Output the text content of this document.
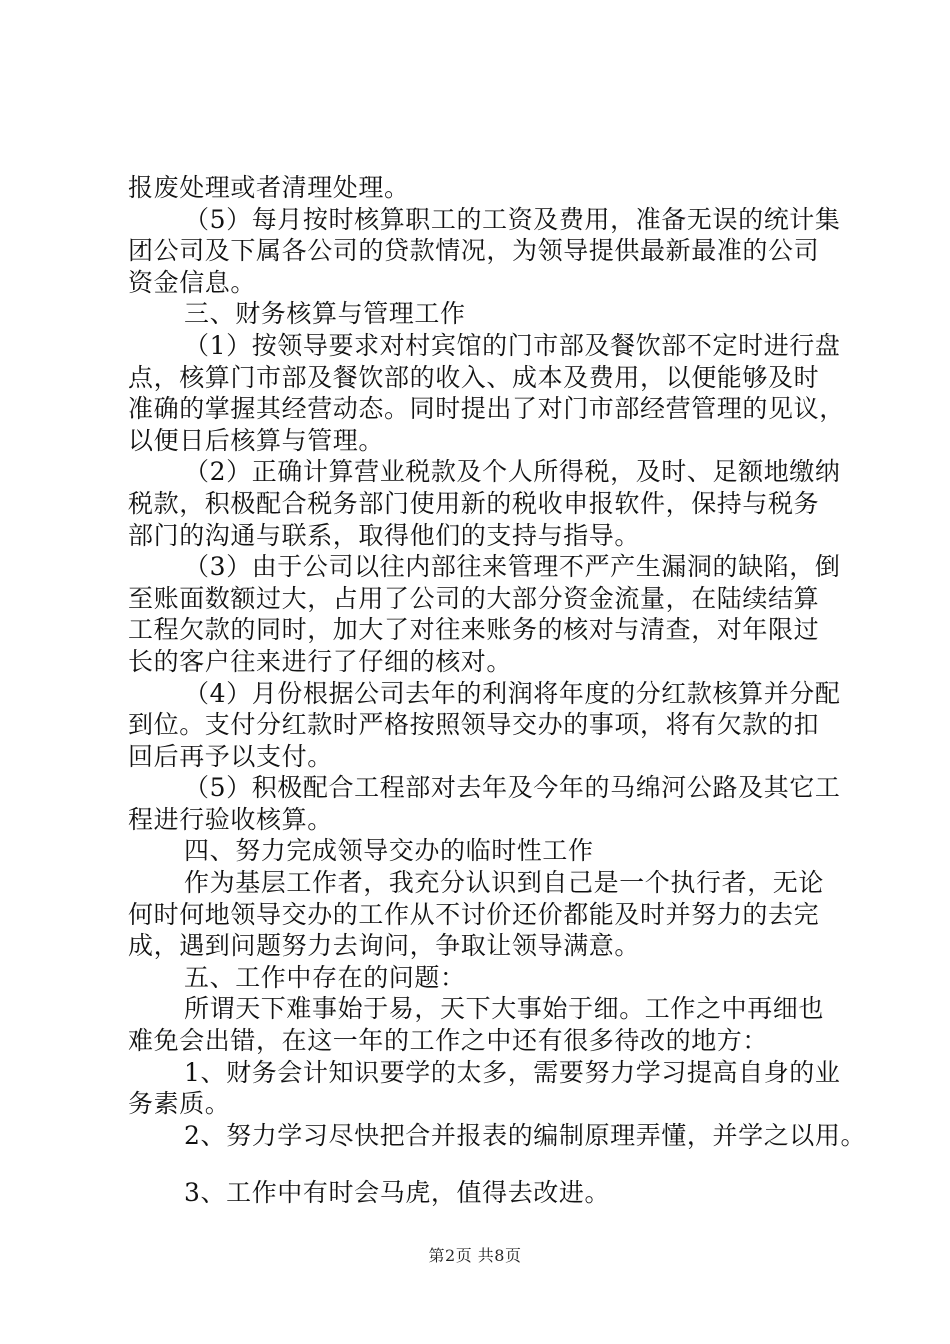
报废处理或者清理处理。
（5）每月按时核算职工的工资及费用，准备无误的统计集
团公司及下属各公司的贷款情况，为领导提供最新最准的公司
资金信息。
三、财务核算与管理工作
（1）按领导要求对村宾馆的门市部及餐饮部不定时进行盘
点，核算门市部及餐饮部的收入、成本及费用，以便能够及时
准确的掌握其经营动态。同时提出了对门市部经营管理的见议，
以便日后核算与管理。
（2）正确计算营业税款及个人所得税，及时、足额地缴纳
税款，积极配合税务部门使用新的税收申报软件，保持与税务
部门的沟通与联系，取得他们的支持与指导。
（3）由于公司以往内部往来管理不严产生漏洞的缺陷，倒
至账面数额过大，占用了公司的大部分资金流量，在陆续结算
工程欠款的同时，加大了对往来账务的核对与清查，对年限过
长的客户往来进行了仔细的核对。
（4）月份根据公司去年的利润将年度的分红款核算并分配
到位。支付分红款时严格按照领导交办的事项，将有欠款的扣
回后再予以支付。
（5）积极配合工程部对去年及今年的马绵河公路及其它工
程进行验收核算。
四、努力完成领导交办的临时性工作
作为基层工作者，我充分认识到自己是一个执行者，无论
何时何地领导交办的工作从不讨价还价都能及时并努力的去完
成，遇到问题努力去询问，争取让领导满意。
五、工作中存在的问题：
所谓天下难事始于易，天下大事始于细。工作之中再细也
难免会出错，在这一年的工作之中还有很多待改的地方：
1、财务会计知识要学的太多，需要努力学习提高自身的业
务素质。
2、努力学习尽快把合并报表的编制原理弄懂，并学之以用。
3、工作中有时会马虎，值得去改进。
第2页 共8页
